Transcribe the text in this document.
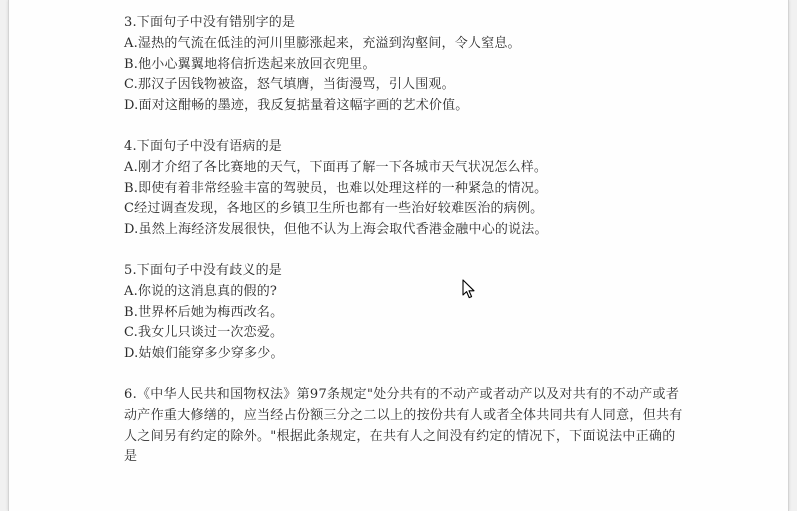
3.下面句子中没有错别字的是
A.湿热的气流在低洼的河川里膨涨起来，充溢到沟壑间，令人窒息。
B.他小心翼翼地将信折迭起来放回衣兜里。
C.那汉子因钱物被盗，怒气填膺，当街漫骂，引人围观。
D.面对这酣畅的墨迹，我反复掂量着这幅字画的艺术价值。
4.下面句子中没有语病的是
A.刚才介绍了各比赛地的天气，下面再了解一下各城市天气状况怎么样。
B.即使有着非常经验丰富的驾驶员，也难以处理这样的一种紧急的情况。
C经过调查发现，各地区的乡镇卫生所也都有一些治好较难医治的病例。
D.虽然上海经济发展很快，但他不认为上海会取代香港金融中心的说法。
5.下面句子中没有歧义的是
A.你说的这消息真的假的?
B.世界杯后她为梅西改名。
C.我女儿只谈过一次恋爱。
D.姑娘们能穿多少穿多少。
6.《中华人民共和国物权法》第97条规定"处分共有的不动产或者动产以及对共有的不动产或者动产作重大修缮的，应当经占份额三分之二以上的按份共有人或者全体共同共有人同意，但共有人之间另有约定的除外。"根据此条规定，在共有人之间没有约定的情况下，下面说法中正确的是
